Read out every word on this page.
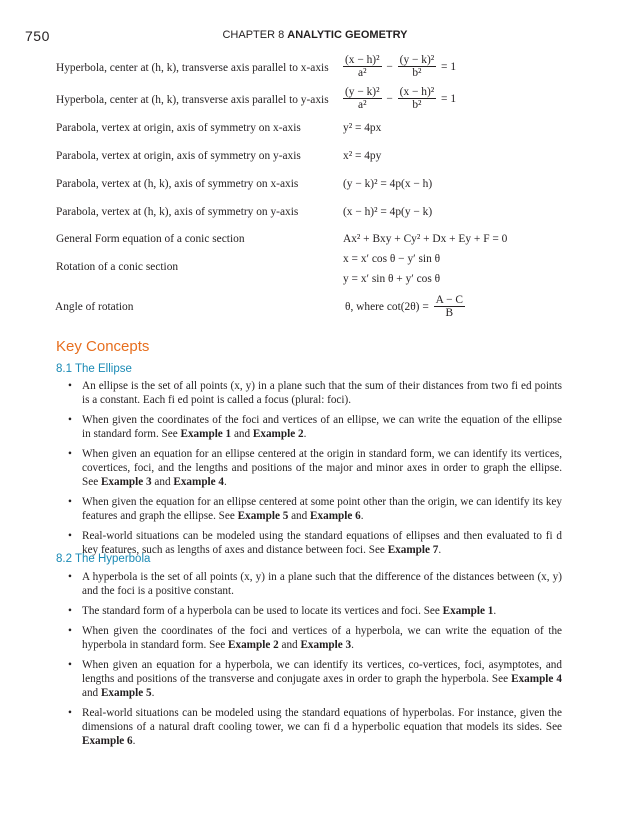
750	CHAPTER 8 ANALYTIC GEOMETRY
Hyperbola, center at (h, k), transverse axis parallel to x-axis $\frac{\text{(x − h)²}}{\text{a²}} - \frac{\text{(y − k)²}}{\text{b²}} = 1$
Hyperbola, center at (h, k), transverse axis parallel to y-axis $\frac{\text{(y − k)²}}{\text{a²}} - \frac{\text{(x − h)²}}{\text{b²}} = 1$
Parabola, vertex at origin, axis of symmetry on x-axis	y² = 4px
Parabola, vertex at origin, axis of symmetry on y-axis	x² = 4py
Parabola, vertex at (h, k), axis of symmetry on x-axis	(y − k)² = 4p(x − h)
Parabola, vertex at (h, k), axis of symmetry on y-axis	(x − h)² = 4p(y − k)
General Form equation of a conic section	Ax² + Bxy + Cy² + Dx + Ey + F = 0
Rotation of a conic section
x = x′ cos θ − y′ sin θ
y = x′ sin θ + y′ cos θ
Angle of rotation	θ, where $\cot(2\theta) = \frac{A - C}{B}$
Key Concepts
8.1 The Ellipse
• An ellipse is the set of all points (x, y) in a plane such that the sum of their distances from two fi ed points is a constant. Each fi ed point is called a focus (plural: foci).
• When given the coordinates of the foci and vertices of an ellipse, we can write the equation of the ellipse in standard form. See Example 1 and Example 2.
• When given an equation for an ellipse centered at the origin in standard form, we can identify its vertices, covertices, foci, and the lengths and positions of the major and minor axes in order to graph the ellipse. See Example 3 and Example 4.
• When given the equation for an ellipse centered at some point other than the origin, we can identify its key features and graph the ellipse. See Example 5 and Example 6.
• Real-world situations can be modeled using the standard equations of ellipses and then evaluated to fi d key features, such as lengths of axes and distance between foci. See Example 7.
8.2 The Hyperbola
• A hyperbola is the set of all points (x, y) in a plane such that the difference of the distances between (x, y) and the foci is a positive constant.
• The standard form of a hyperbola can be used to locate its vertices and foci. See Example 1.
• When given the coordinates of the foci and vertices of a hyperbola, we can write the equation of the hyperbola in standard form. See Example 2 and Example 3.
• When given an equation for a hyperbola, we can identify its vertices, co-vertices, foci, asymptotes, and lengths and positions of the transverse and conjugate axes in order to graph the hyperbola. See Example 4 and Example 5.
• Real-world situations can be modeled using the standard equations of hyperbolas. For instance, given the dimensions of a natural draft cooling tower, we can fi d a hyperbolic equation that models its sides. See Example 6.
